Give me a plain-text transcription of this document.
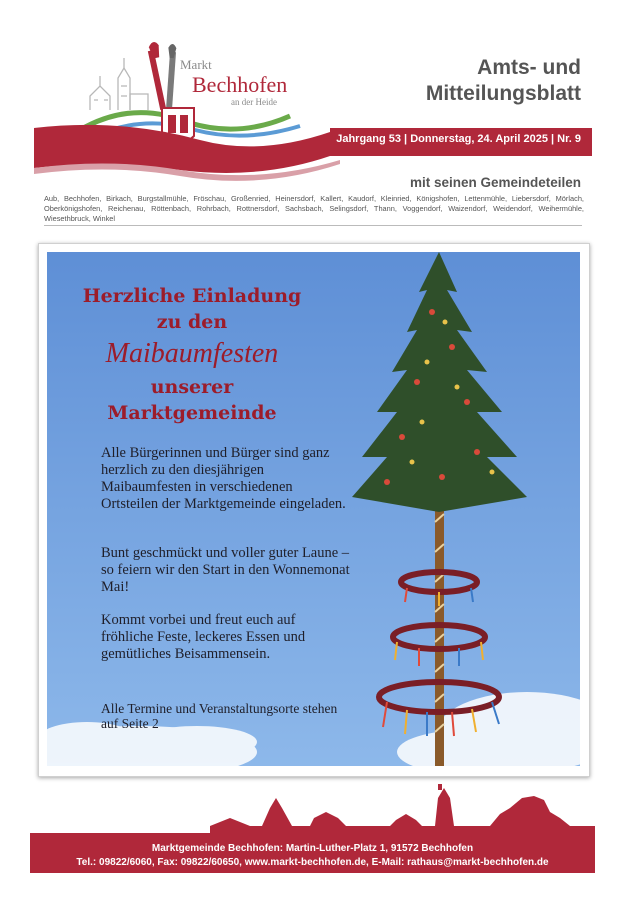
Markt
Bechhofen
an der Heide
Amts- und
Mitteilungsblatt
Jahrgang 53 | Donnerstag, 24. April 2025 | Nr. 9
mit seinen Gemeindeteilen
Aub, Bechhofen, Birkach, Burgstallmühle, Fröschau, Großenried, Heinersdorf, Kallert, Kaudorf, Kleinried, Königshofen, Lettenmühle, Liebersdorf, Mörlach, Oberkönigshofen, Reichenau, Röttenbach, Rohrbach, Rottnersdorf, Sachsbach, Selingsdorf, Thann, Voggendorf, Waizendorf, Weidendorf, Weihermühle, Wiesethbruck, Winkel
Herzliche Einladung
zu den
Maibaumfesten
unserer
Marktgemeinde
Alle Bürgerinnen und Bürger sind ganz herzlich zu den diesjährigen Maibaumfesten in verschiedenen Ortsteilen der Marktgemeinde eingeladen.
Bunt geschmückt und voller guter Laune – so feiern wir den Start in den Wonnemonat Mai!
Kommt vorbei und freut euch auf fröhliche Feste, leckeres Essen und gemütliches Beisammensein.
Alle Termine und Veranstaltungsorte stehen auf Seite 2
Marktgemeinde Bechhofen: Martin-Luther-Platz 1, 91572 Bechhofen
Tel.: 09822/6060, Fax: 09822/60650, www.markt-bechhofen.de, E-Mail: rathaus@markt-bechhofen.de
